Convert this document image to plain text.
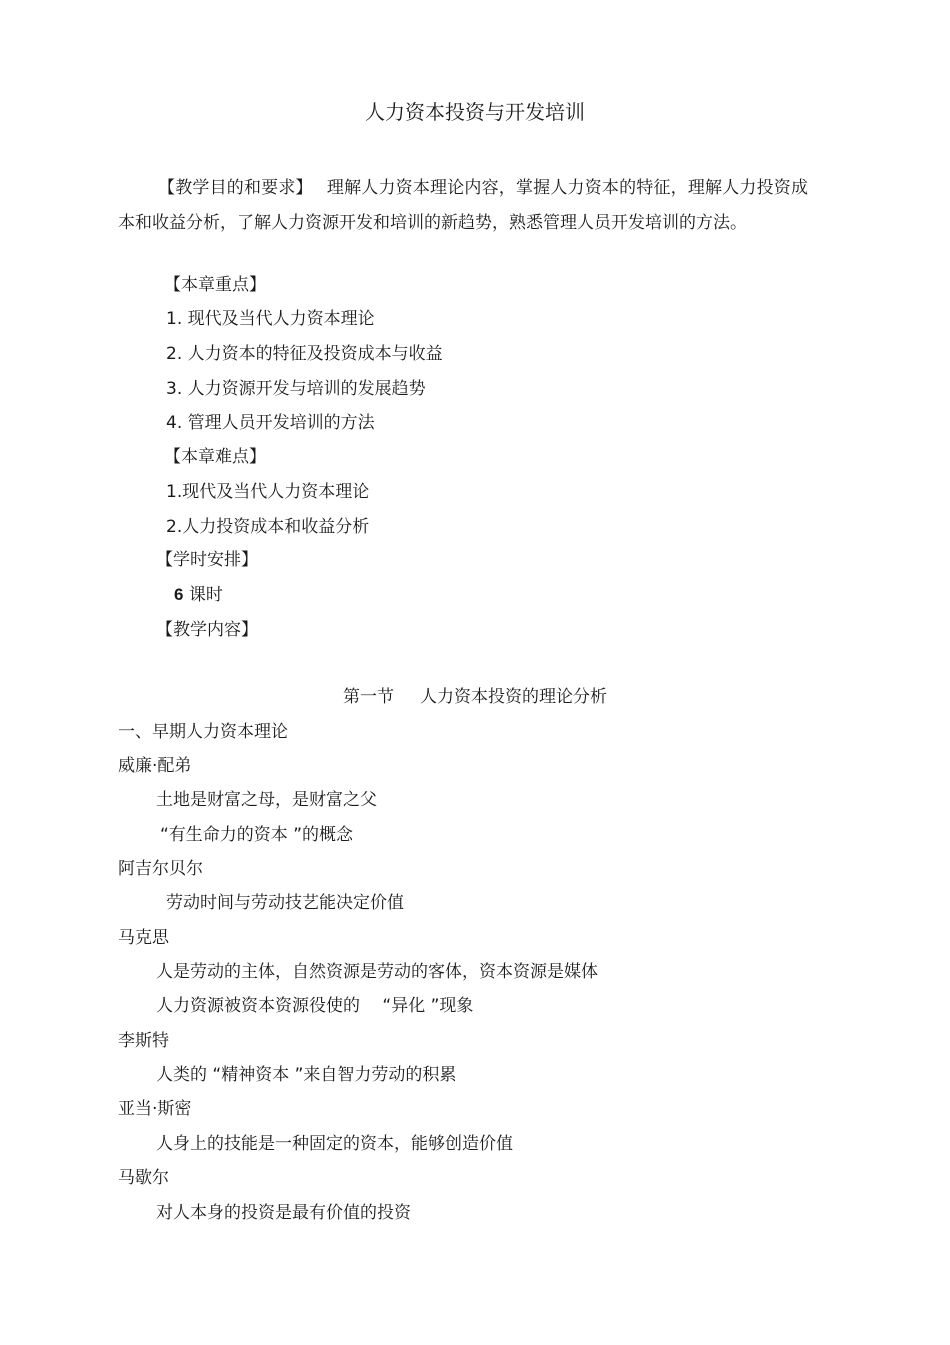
人力资本投资与开发培训
【教学目的和要求】 理解人力资本理论内容，掌握人力资本的特征，理解人力投资成本和收益分析，了解人力资源开发和培训的新趋势，熟悉管理人员开发培训的方法。
【本章重点】
1. 现代及当代人力资本理论
2. 人力资本的特征及投资成本与收益
3. 人力资源开发与培训的发展趋势
4. 管理人员开发培训的方法
【本章难点】
1.现代及当代人力资本理论
2.人力投资成本和收益分析
【学时安排】
6 课时
【教学内容】
第一节 人力资本投资的理论分析
一、早期人力资本理论
威廉·配弟
土地是财富之母，是财富之父
“有生命力的资本 ”的概念
阿吉尔贝尔
劳动时间与劳动技艺能决定价值
马克思
人是劳动的主体，自然资源是劳动的客体，资本资源是媒体
人力资源被资本资源役使的　 “异化 ”现象
李斯特
人类的 “精神资本 ”来自智力劳动的积累
亚当·斯密
人身上的技能是一种固定的资本，能够创造价值
马歇尔
对人本身的投资是最有价值的投资
